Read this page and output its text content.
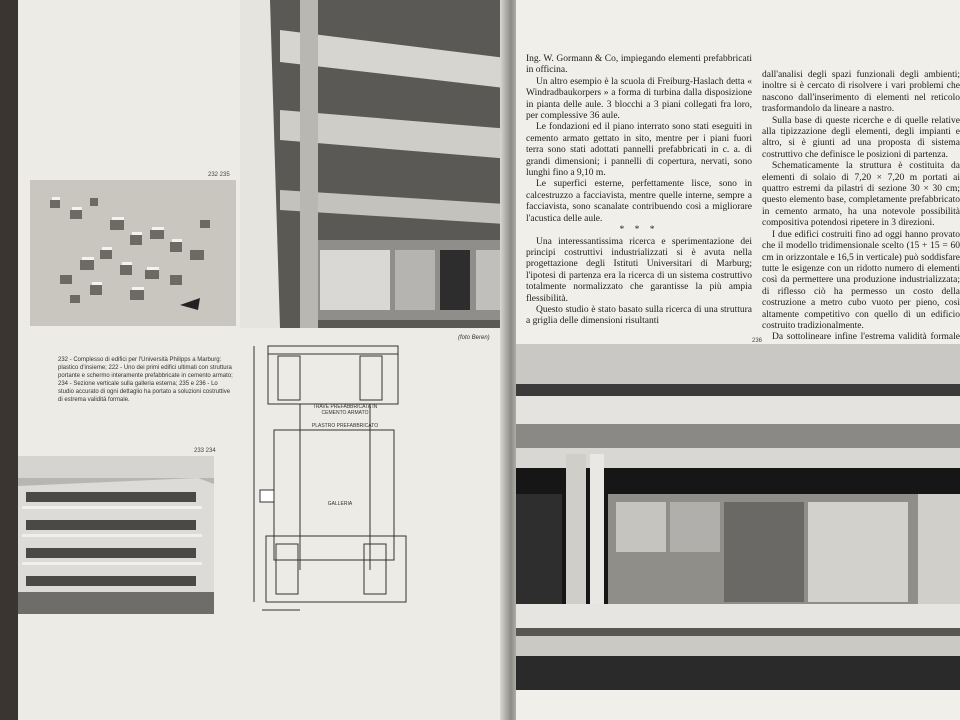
232 235
(foto Beren)
232 - Complesso di edifici per l'Università Philipps a Marburg: plastico d'insieme; 222 - Uno dei primi edifici ultimati con struttura portante e schermo interamente prefabbricate in cemento armato; 234 - Sezione verticale sulla galleria esterna; 235 e 236 - Lo studio accurato di ogni dettaglio ha portato a soluzioni costruttive di estrema validità formale.
TRAVE PREFABBRICATA IN CEMENTO ARMATO
PLASTRO PREFABBRICATO
GALLERIA
233 234

Ing. W. Gormann & Co, impiegando elementi prefabbricati in officina.

Un altro esempio è la scuola di Freiburg-Haslach detta « Windradbaukorpers » a forma di turbina dalla disposizione in pianta delle aule. 3 blocchi a 3 piani collegati fra loro, per complessive 36 aule.

Le fondazioni ed il piano interrato sono stati eseguiti in cemento armato gettato in sito, mentre per i piani fuori terra sono stati adottati pannelli prefabbricati in c. a. di grandi dimensioni; i pannelli di copertura, nervati, sono lunghi fino a 9,10 m.

Le superfici esterne, perfettamente lisce, sono in calcestruzzo a facciavista, mentre quelle interne, sempre a facciavista, sono scanalate contribuendo così a migliorare l'acustica delle aule.

* * *

Una interessantissima ricerca e sperimentazione dei principi costruttivi industrializzati si è avuta nella progettazione degli Istituti Universitari di Marburg; l'ipotesi di partenza era la ricerca di un sistema costruttivo totalmente normalizzato che garantisse la più ampia flessibilità.

Questo studio è stato basato sulla ricerca di una struttura a griglia delle dimensioni risultanti

dall'analisi degli spazi funzionali degli ambienti; inoltre si è cercato di risolvere i vari problemi che nascono dall'inserimento di elementi nel reticolo trasformandolo da lineare a nastro.

Sulla base di queste ricerche e di quelle relative alla tipizzazione degli elementi, degli impianti e altro, si è giunti ad una proposta di sistema costruttivo che definisce le posizioni di partenza.

Schematicamente la struttura è costituita da elementi di solaio di 7,20 × 7,20 m portati ai quattro estremi da pilastri di sezione 30 × 30 cm; questo elemento base, completamente prefabbricato in cemento armato, ha una notevole possibilità compositiva potendosi ripetere in 3 direzioni.

I due edifici costruiti fino ad oggi hanno provato che il modello tridimensionale scelto (15 + 15 = 60 cm in orizzontale e 16,5 in verticale) può soddisfare tutte le esigenze con un ridotto numero di elementi così da permettere una produzione industrializzata; di riflesso ciò ha permesso un costo della costruzione a metro cubo vuoto per pieno, così altamente competitivo con quello di un edificio costruito tradizionalmente.

Da sottolineare infine l'estrema validità formale

236
